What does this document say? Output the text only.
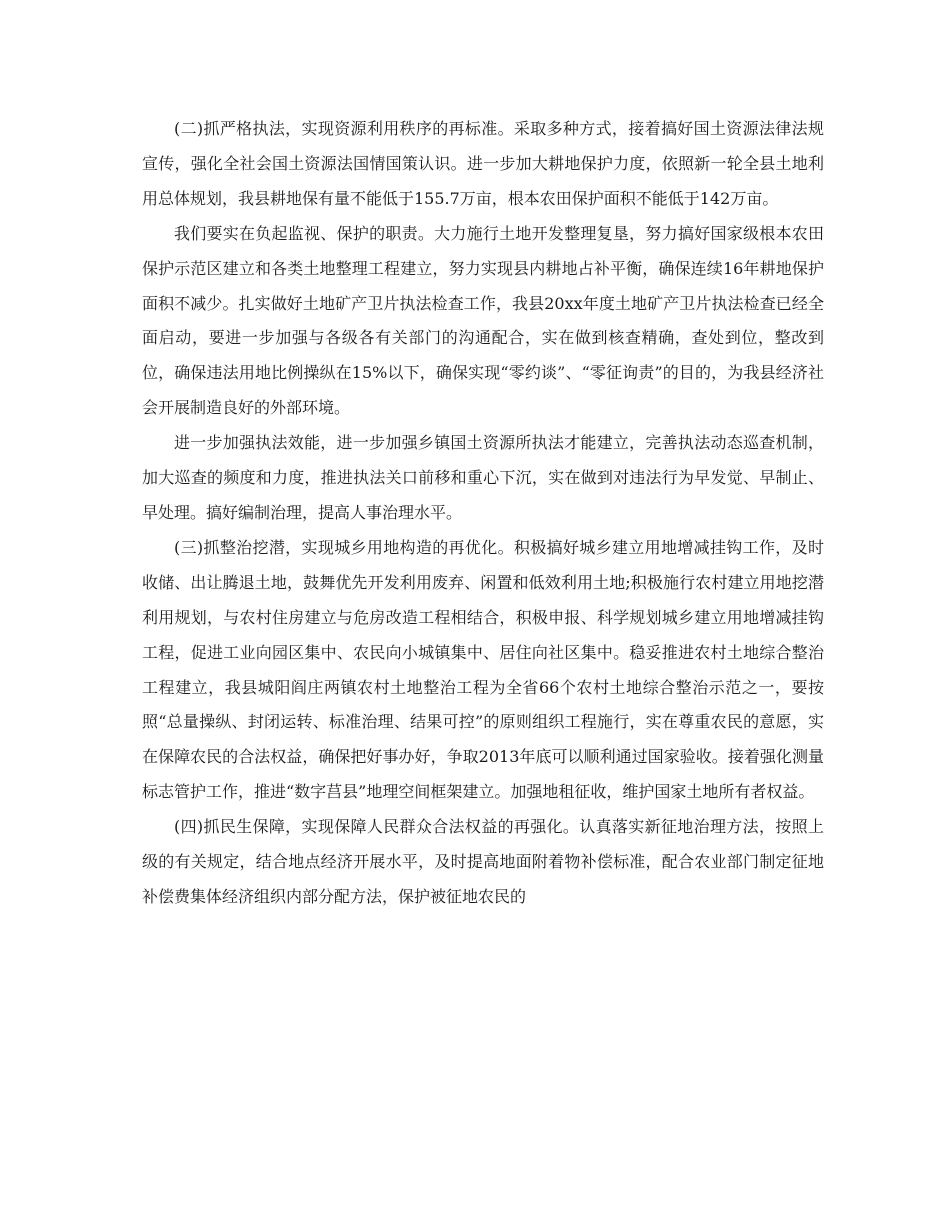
(二)抓严格执法，实现资源利用秩序的再标准。采取多种方式，接着搞好国土资源法律法规宣传，强化全社会国土资源法国情国策认识。进一步加大耕地保护力度，依照新一轮全县土地利用总体规划，我县耕地保有量不能低于155.7万亩，根本农田保护面积不能低于142万亩。

我们要实在负起监视、保护的职责。大力施行土地开发整理复垦，努力搞好国家级根本农田保护示范区建立和各类土地整理工程建立，努力实现县内耕地占补平衡，确保连续16年耕地保护面积不减少。扎实做好土地矿产卫片执法检查工作，我县20xx年度土地矿产卫片执法检查已经全面启动，要进一步加强与各级各有关部门的沟通配合，实在做到核查精确，查处到位，整改到位，确保违法用地比例操纵在15%以下，确保实现“零约谈”、“零征询责”的目的，为我县经济社会开展制造良好的外部环境。

进一步加强执法效能，进一步加强乡镇国土资源所执法才能建立，完善执法动态巡查机制，加大巡查的频度和力度，推进执法关口前移和重心下沉，实在做到对违法行为早发觉、早制止、早处理。搞好编制治理，提高人事治理水平。

(三)抓整治挖潜，实现城乡用地构造的再优化。积极搞好城乡建立用地增减挂钩工作，及时收储、出让腾退土地，鼓舞优先开发利用废弃、闲置和低效利用土地;积极施行农村建立用地挖潜利用规划，与农村住房建立与危房改造工程相结合，积极申报、科学规划城乡建立用地增减挂钩工程，促进工业向园区集中、农民向小城镇集中、居住向社区集中。稳妥推进农村土地综合整治工程建立，我县城阳阎庄两镇农村土地整治工程为全省66个农村土地综合整治示范之一，要按照“总量操纵、封闭运转、标准治理、结果可控”的原则组织工程施行，实在尊重农民的意愿，实在保障农民的合法权益，确保把好事办好，争取2013年底可以顺利通过国家验收。接着强化测量标志管护工作，推进“数字莒县”地理空间框架建立。加强地租征收，维护国家土地所有者权益。

(四)抓民生保障，实现保障人民群众合法权益的再强化。认真落实新征地治理方法，按照上级的有关规定，结合地点经济开展水平，及时提高地面附着物补偿标准，配合农业部门制定征地补偿费集体经济组织内部分配方法，保护被征地农民的
